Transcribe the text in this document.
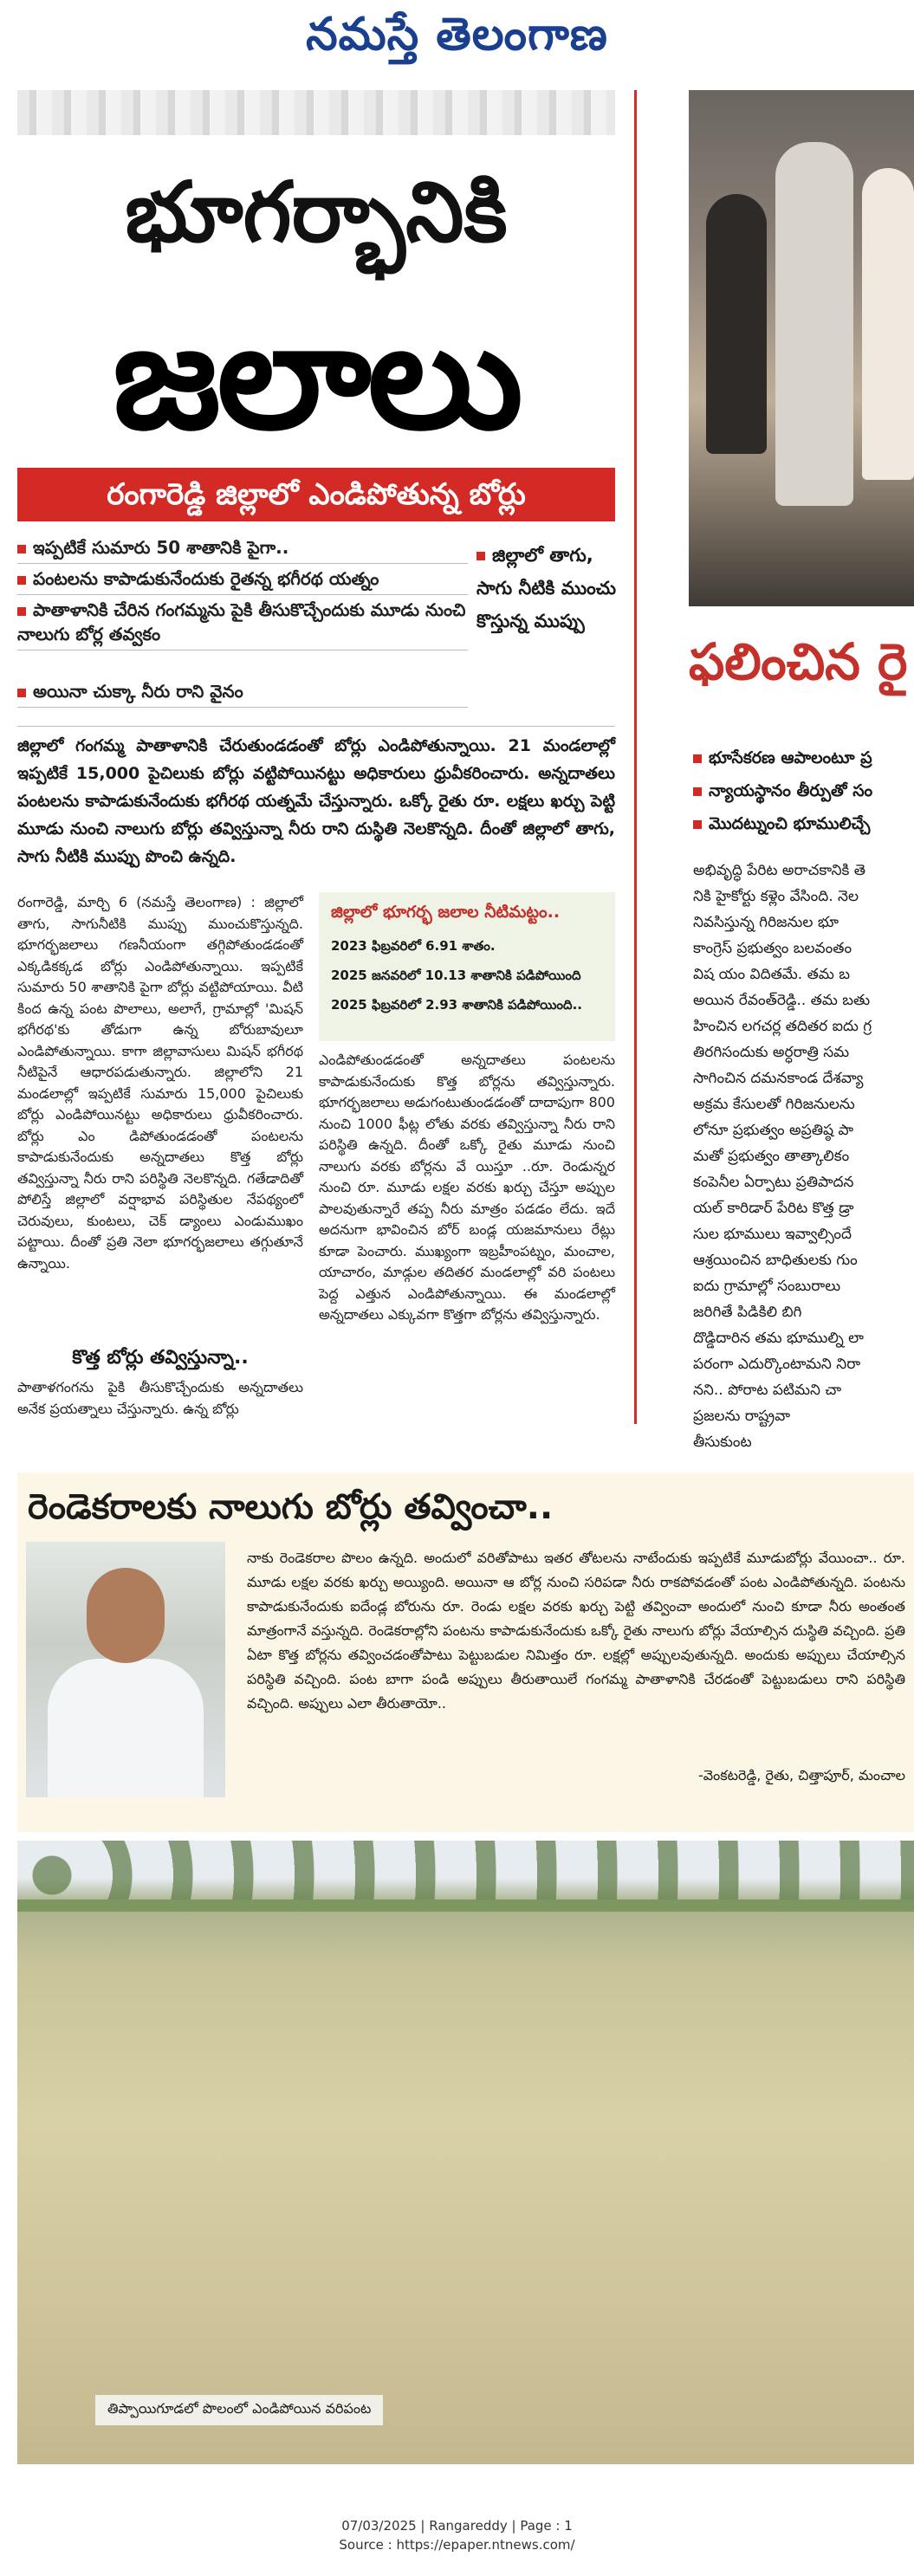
నమస్తే తెలంగాణ
భూగర్భానికి
జలాలు
రంగారెడ్డి జిల్లాలో ఎండిపోతున్న బోర్లు
ఇప్పటికే సుమారు 50 శాతానికి పైగా..
పంటలను కాపాడుకునేందుకు రైతన్న భగీరథ యత్నం
పాతాళానికి చేరిన గంగమ్మను పైకి తీసుకొచ్చేందుకు మూడు నుంచి నాలుగు బోర్ల తవ్వకం
అయినా చుక్కా నీరు రాని వైనం
జిల్లాలో తాగు, సాగు నీటికి ముంచు కొస్తున్న ముప్పు
జిల్లాలో గంగమ్మ పాతాళానికి చేరుతుండడంతో బోర్లు ఎండిపోతున్నాయి. 21 మండలాల్లో ఇప్పటికే 15,000 పైచిలుకు బోర్లు వట్టిపోయినట్టు అధికారులు ధ్రువీకరించారు. అన్నదాతలు పంటలను కాపాడుకునేందుకు భగీరథ యత్నమే చేస్తున్నారు. ఒక్కో రైతు రూ. లక్షలు ఖర్చు పెట్టి మూడు నుంచి నాలుగు బోర్లు తవ్విస్తున్నా నీరు రాని దుస్థితి నెలకొన్నది. దీంతో జిల్లాలో తాగు, సాగు నీటికి ముప్పు పొంచి ఉన్నది.
రంగారెడ్డి, మార్చి 6 (నమస్తే తెలంగాణ) : జిల్లాలో తాగు, సాగునీటికి ముప్పు ముంచుకొస్తున్నది. భూగర్భజలాలు గణనీయంగా తగ్గిపోతుండడంతో ఎక్కడికక్కడ బోర్లు ఎండిపోతున్నాయి. ఇప్పటికే సుమారు 50 శాతానికి పైగా బోర్లు వట్టిపోయాయి. వీటి కింద ఉన్న పంట పొలాలు, అలాగే, గ్రామాల్లో 'మిషన్ భగీరథ'కు తోడుగా ఉన్న బోరుబావులూ ఎండిపోతున్నాయి. కాగా జిల్లావాసులు మిషన్ భగీరథ నీటిపైనే ఆధారపడుతున్నారు. జిల్లాలోని 21 మండలాల్లో ఇప్పటికే సుమారు 15,000 పైచిలుకు బోర్లు ఎండిపోయినట్టు అధికారులు ధ్రువీకరించారు. బోర్లు ఎం డిపోతుండడంతో పంటలను కాపాడుకునేందుకు అన్నదాతలు కొత్త బోర్లు తవ్విస్తున్నా నీరు రాని పరిస్థితి నెలకొన్నది. గతేడాదితో పోలిస్తే జిల్లాలో వర్షాభావ పరిస్థితుల నేపథ్యంలో చెరువులు, కుంటలు, చెక్ డ్యాంలు ఎండుముఖం పట్టాయి. దీంతో ప్రతి నెలా భూగర్భజలాలు తగ్గుతూనే ఉన్నాయి.
కొత్త బోర్లు తవ్విస్తున్నా..
పాతాళగంగను పైకి తీసుకొచ్చేందుకు అన్నదాతలు అనేక ప్రయత్నాలు చేస్తున్నారు. ఉన్న బోర్లు
జిల్లాలో భూగర్భ జలాల నీటిమట్టం..
2023 ఫిబ్రవరిలో 6.91 శాతం.
2025 జనవరిలో 10.13 శాతానికి పడిపోయింది
2025 ఫిబ్రవరిలో 2.93 శాతానికి పడిపోయింది..
ఎండిపోతుండడంతో అన్నదాతలు పంటలను కాపాడుకునేందుకు కొత్త బోర్లను తవ్విస్తున్నారు. భూగర్భజలాలు అడుగంటుతుండడంతో దాదాపుగా 800 నుంచి 1000 ఫీట్ల లోతు వరకు తవ్విస్తున్నా నీరు రాని పరిస్థితి ఉన్నది. దీంతో ఒక్కో రైతు మూడు నుంచి నాలుగు వరకు బోర్లను వే యిస్తూ ..రూ. రెండున్నర నుంచి రూ. మూడు లక్షల వరకు ఖర్చు చేస్తూ అప్పుల పాలవుతున్నారే తప్ప నీరు మాత్రం పడడం లేదు. ఇదే అదనుగా భావించిన బోర్ బండ్ల యజమానులు రేట్లు కూడా పెంచారు. ముఖ్యంగా ఇబ్రహీంపట్నం, మంచాల, యాచారం, మాడ్గుల తదితర మండలాల్లో వరి పంటలు పెద్ద ఎత్తున ఎండిపోతున్నాయి. ఈ మండలాల్లో అన్నదాతలు ఎక్కువగా కొత్తగా బోర్లను తవ్విస్తున్నారు.
ఫలించిన రై
భూసేకరణ ఆపాలంటూ ప్ర
న్యాయస్థానం తీర్పుతో సం
మొదట్నుంచి భూములిచ్చే
అభివృద్ధి పేరిట అరాచకానికి తె
నికి హైకోర్టు కళ్లెం వేసింది. నెల
నివసిస్తున్న గిరిజనుల భూ
కాంగ్రెస్ ప్రభుత్వం బలవంతం
విష యం విదితమే. తమ బ
అయిన రేవంత్‌రెడ్డి.. తమ బతు
హించిన లగచర్ల తదితర ఐదు గ్ర
తిరగిసందుకు అర్ధరాత్రి సమ
సాగించిన దమనకాండ దేశవ్యా
అక్రమ కేసులతో గిరిజనులను
లోనూ ప్రభుత్వం అప్రతిష్ఠ పా
మతో ప్రభుత్వం తాత్కాలికం
కంపెనీల ఏర్పాటు ప్రతిపాదన
యల్ కారిడార్ పేరిట కొత్త డ్రా
సుల భూములు ఇవ్వాల్సిందే
ఆశ్రయించిన బాధితులకు గుం
ఐదు గ్రామాల్లో సంబురాలు
జరిగితే పిడికిలి బిగి
దొడ్డిదారిన తమ భూముల్ని లా
పరంగా ఎదుర్కొంటామని నిరా
నని.. పోరాట పటిమని చా
ప్రజలను రాష్ట్రవా
తీసుకుంట
రెండెకరాలకు నాలుగు బోర్లు తవ్వించా..
నాకు రెండెకరాల పొలం ఉన్నది. అందులో వరితోపాటు ఇతర తోటలను నాటేందుకు ఇప్పటికే మూడుబోర్లు వేయించా.. రూ. మూడు లక్షల వరకు ఖర్చు అయ్యింది. అయినా ఆ బోర్ల నుంచి సరిపడా నీరు రాకపోవడంతో పంట ఎండిపోతున్నది. పంటను కాపాడుకునేందుకు ఐదేండ్ల బోరును రూ. రెండు లక్షల వరకు ఖర్చు పెట్టి తవ్వించా అందులో నుంచి కూడా నీరు అంతంత మాత్రంగానే వస్తున్నది. రెండెకరాల్లోని పంటను కాపాడుకునేందుకు ఒక్కో రైతు నాలుగు బోర్లు వేయాల్సిన దుస్థితి వచ్చింది. ప్రతి ఏటా కొత్త బోర్లను తవ్వించడంతోపాటు పెట్టుబడుల నిమిత్తం రూ. లక్షల్లో అప్పులవుతున్నది. అందుకు అప్పులు చేయాల్సిన పరిస్థితి వచ్చింది. పంట బాగా పండి అప్పులు తీరుతాయిలే గంగమ్మ పాతాళానికి చేరడంతో పెట్టుబడులు రాని పరిస్థితి వచ్చింది. అప్పులు ఎలా తీరుతాయో..
-వెంకటరెడ్డి, రైతు, చిత్తాపూర్, మంచాల
తిప్పాయిగూడలో పొలంలో ఎండిపోయిన వరిపంట
07/03/2025 | Rangareddy | Page : 1
Source : https://epaper.ntnews.com/
